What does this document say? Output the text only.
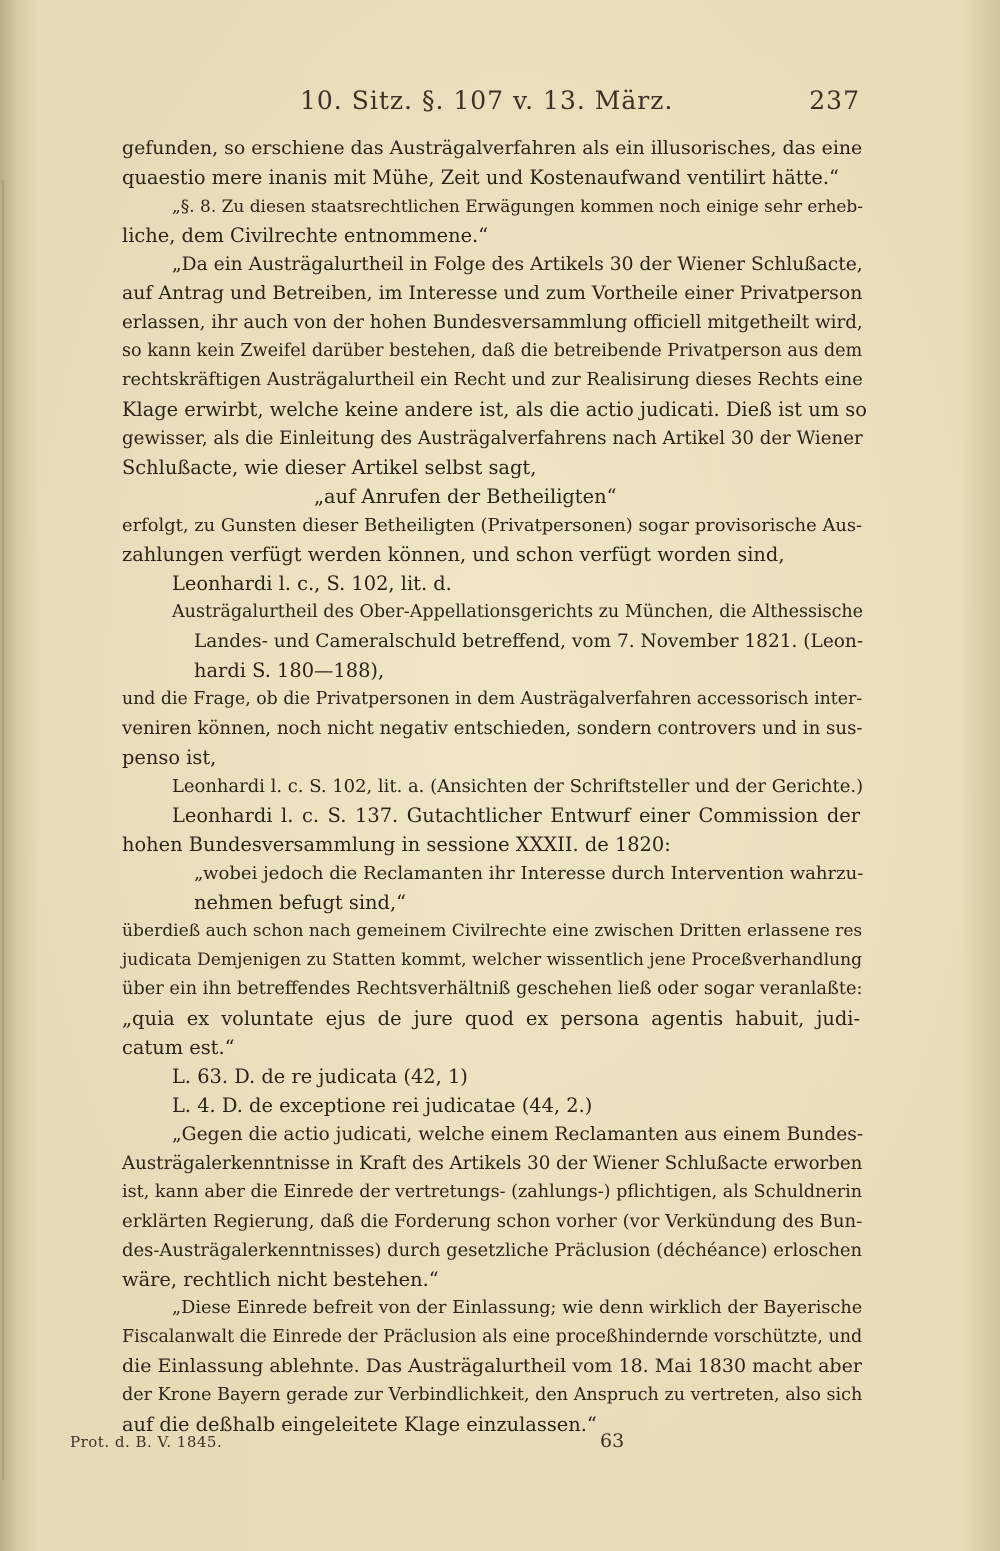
10. Sitz. §. 107 v. 13. März.	237
gefunden, so erschiene das Austrägalverfahren als ein illusorisches, das eine
quaestio mere inanis mit Mühe, Zeit und Kostenaufwand ventilirt hätte.“
„§. 8. Zu diesen staatsrechtlichen Erwägungen kommen noch einige sehr erheb-
liche, dem Civilrechte entnommene.“
„Da ein Austrägalurtheil in Folge des Artikels 30 der Wiener Schlußacte,
auf Antrag und Betreiben, im Interesse und zum Vortheile einer Privatperson
erlassen, ihr auch von der hohen Bundesversammlung officiell mitgetheilt wird,
so kann kein Zweifel darüber bestehen, daß die betreibende Privatperson aus dem
rechtskräftigen Austrägalurtheil ein Recht und zur Realisirung dieses Rechts eine
Klage erwirbt, welche keine andere ist, als die actio judicati. Dieß ist um so
gewisser, als die Einleitung des Austrägalverfahrens nach Artikel 30 der Wiener
Schlußacte, wie dieser Artikel selbst sagt,
„auf Anrufen der Betheiligten“
erfolgt, zu Gunsten dieser Betheiligten (Privatpersonen) sogar provisorische Aus-
zahlungen verfügt werden können, und schon verfügt worden sind,
Leonhardi l. c., S. 102, lit. d.
Austrägalurtheil des Ober-Appellationsgerichts zu München, die Althessische
Landes- und Cameralschuld betreffend, vom 7. November 1821. (Leon-
hardi S. 180—188),
und die Frage, ob die Privatpersonen in dem Austrägalverfahren accessorisch inter-
veniren können, noch nicht negativ entschieden, sondern controvers und in sus-
penso ist,
Leonhardi l. c. S. 102, lit. a. (Ansichten der Schriftsteller und der Gerichte.)
Leonhardi l. c. S. 137. Gutachtlicher Entwurf einer Commission der
hohen Bundesversammlung in sessione XXXII. de 1820:
„wobei jedoch die Reclamanten ihr Interesse durch Intervention wahrzu-
nehmen befugt sind,“
überdieß auch schon nach gemeinem Civilrechte eine zwischen Dritten erlassene res
judicata Demjenigen zu Statten kommt, welcher wissentlich jene Proceßverhandlung
über ein ihn betreffendes Rechtsverhältniß geschehen ließ oder sogar veranlaßte:
„quia ex voluntate ejus de jure quod ex persona agentis habuit, judi-
catum est.“
L. 63. D. de re judicata (42, 1)
L. 4. D. de exceptione rei judicatae (44, 2.)
„Gegen die actio judicati, welche einem Reclamanten aus einem Bundes-
Austrägalerkenntnisse in Kraft des Artikels 30 der Wiener Schlußacte erworben
ist, kann aber die Einrede der vertretungs- (zahlungs-) pflichtigen, als Schuldnerin
erklärten Regierung, daß die Forderung schon vorher (vor Verkündung des Bun-
des-Austrägalerkenntnisses) durch gesetzliche Präclusion (déchéance) erloschen
wäre, rechtlich nicht bestehen.“
„Diese Einrede befreit von der Einlassung; wie denn wirklich der Bayerische
Fiscalanwalt die Einrede der Präclusion als eine proceßhindernde vorschützte, und
die Einlassung ablehnte. Das Austrägalurtheil vom 18. Mai 1830 macht aber
der Krone Bayern gerade zur Verbindlichkeit, den Anspruch zu vertreten, also sich
auf die deßhalb eingeleitete Klage einzulassen.“
Prot. d. B. V. 1845.	63
